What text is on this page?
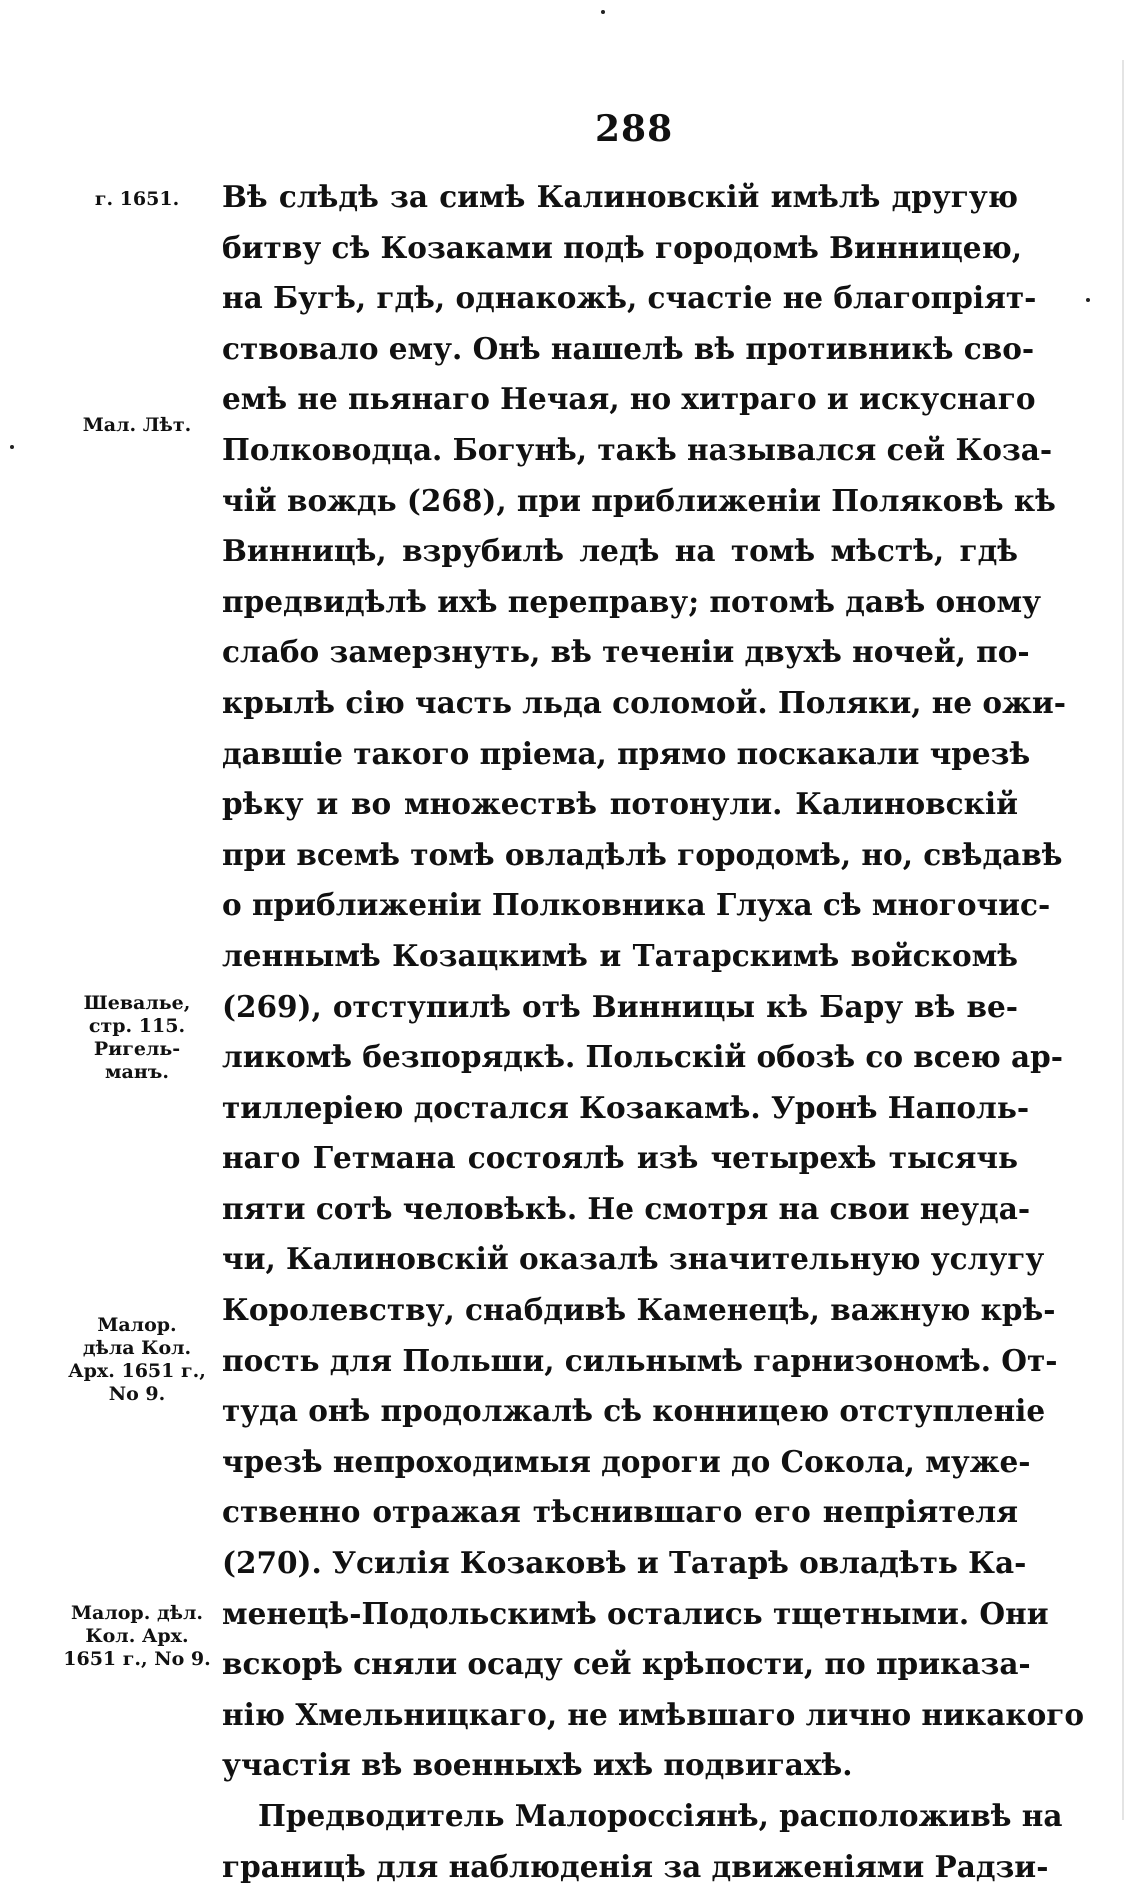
288
г. 1651.
Мал. Лѣт.
Шевалье,
стр. 115.
Ригель-
манъ.
Малор.
дѣла Кол.
Арх. 1651 г.,
No 9.
Малор. дѣл.
Кол. Арх.
1651 г., No 9.
Вѣ слѣдѣ за симѣ Калиновскій имѣлѣ другую
битву сѣ Козаками подѣ городомѣ Винницею,
на Бугѣ, гдѣ, однакожѣ, счастіе не благопріят-
ствовало ему. Онѣ нашелѣ вѣ противникѣ сво-
емѣ не пьянаго Нечая, но хитраго и искуснаго
Полководца. Богунѣ, такѣ назывался сей Коза-
чій вождь (268), при приближеніи Поляковѣ кѣ
Винницѣ, взрубилѣ ледѣ на томѣ мѣстѣ, гдѣ
предвидѣлѣ ихѣ переправу; потомѣ давѣ оному
слабо замерзнуть, вѣ теченіи двухѣ ночей, по-
крылѣ сію часть льда соломой. Поляки, не ожи-
давшіе такого пріема, прямо поскакали чрезѣ
рѣку и во множествѣ потонули. Калиновскій
при всемѣ томѣ овладѣлѣ городомѣ, но, свѣдавѣ
о приближеніи Полковника Глуха сѣ многочис-
леннымѣ Козацкимѣ и Татарскимѣ войскомѣ
(269), отступилѣ отѣ Винницы кѣ Бару вѣ ве-
ликомѣ безпорядкѣ. Польскій обозѣ со всею ар-
тиллеріею достался Козакамѣ. Уронѣ Наполь-
наго Гетмана состоялѣ изѣ четырехѣ тысячь
пяти сотѣ человѣкѣ. Не смотря на свои неуда-
чи, Калиновскій оказалѣ значительную услугу
Королевству, снабдивѣ Каменецѣ, важную крѣ-
пость для Польши, сильнымѣ гарнизономѣ. От-
туда онѣ продолжалѣ сѣ конницею отступленіе
чрезѣ непроходимыя дороги до Сокола, муже-
ственно отражая тѣснившаго его непріятеля
(270). Усилія Козаковѣ и Татарѣ овладѣть Ка-
менецѣ-Подольскимѣ остались тщетными. Они
вскорѣ сняли осаду сей крѣпости, по приказа-
нію Хмельницкаго, не имѣвшаго лично никакого
участія вѣ военныхѣ ихѣ подвигахѣ.
Предводитель Малороссіянѣ, расположивѣ на
границѣ для наблюденія за движеніями Радзи-
